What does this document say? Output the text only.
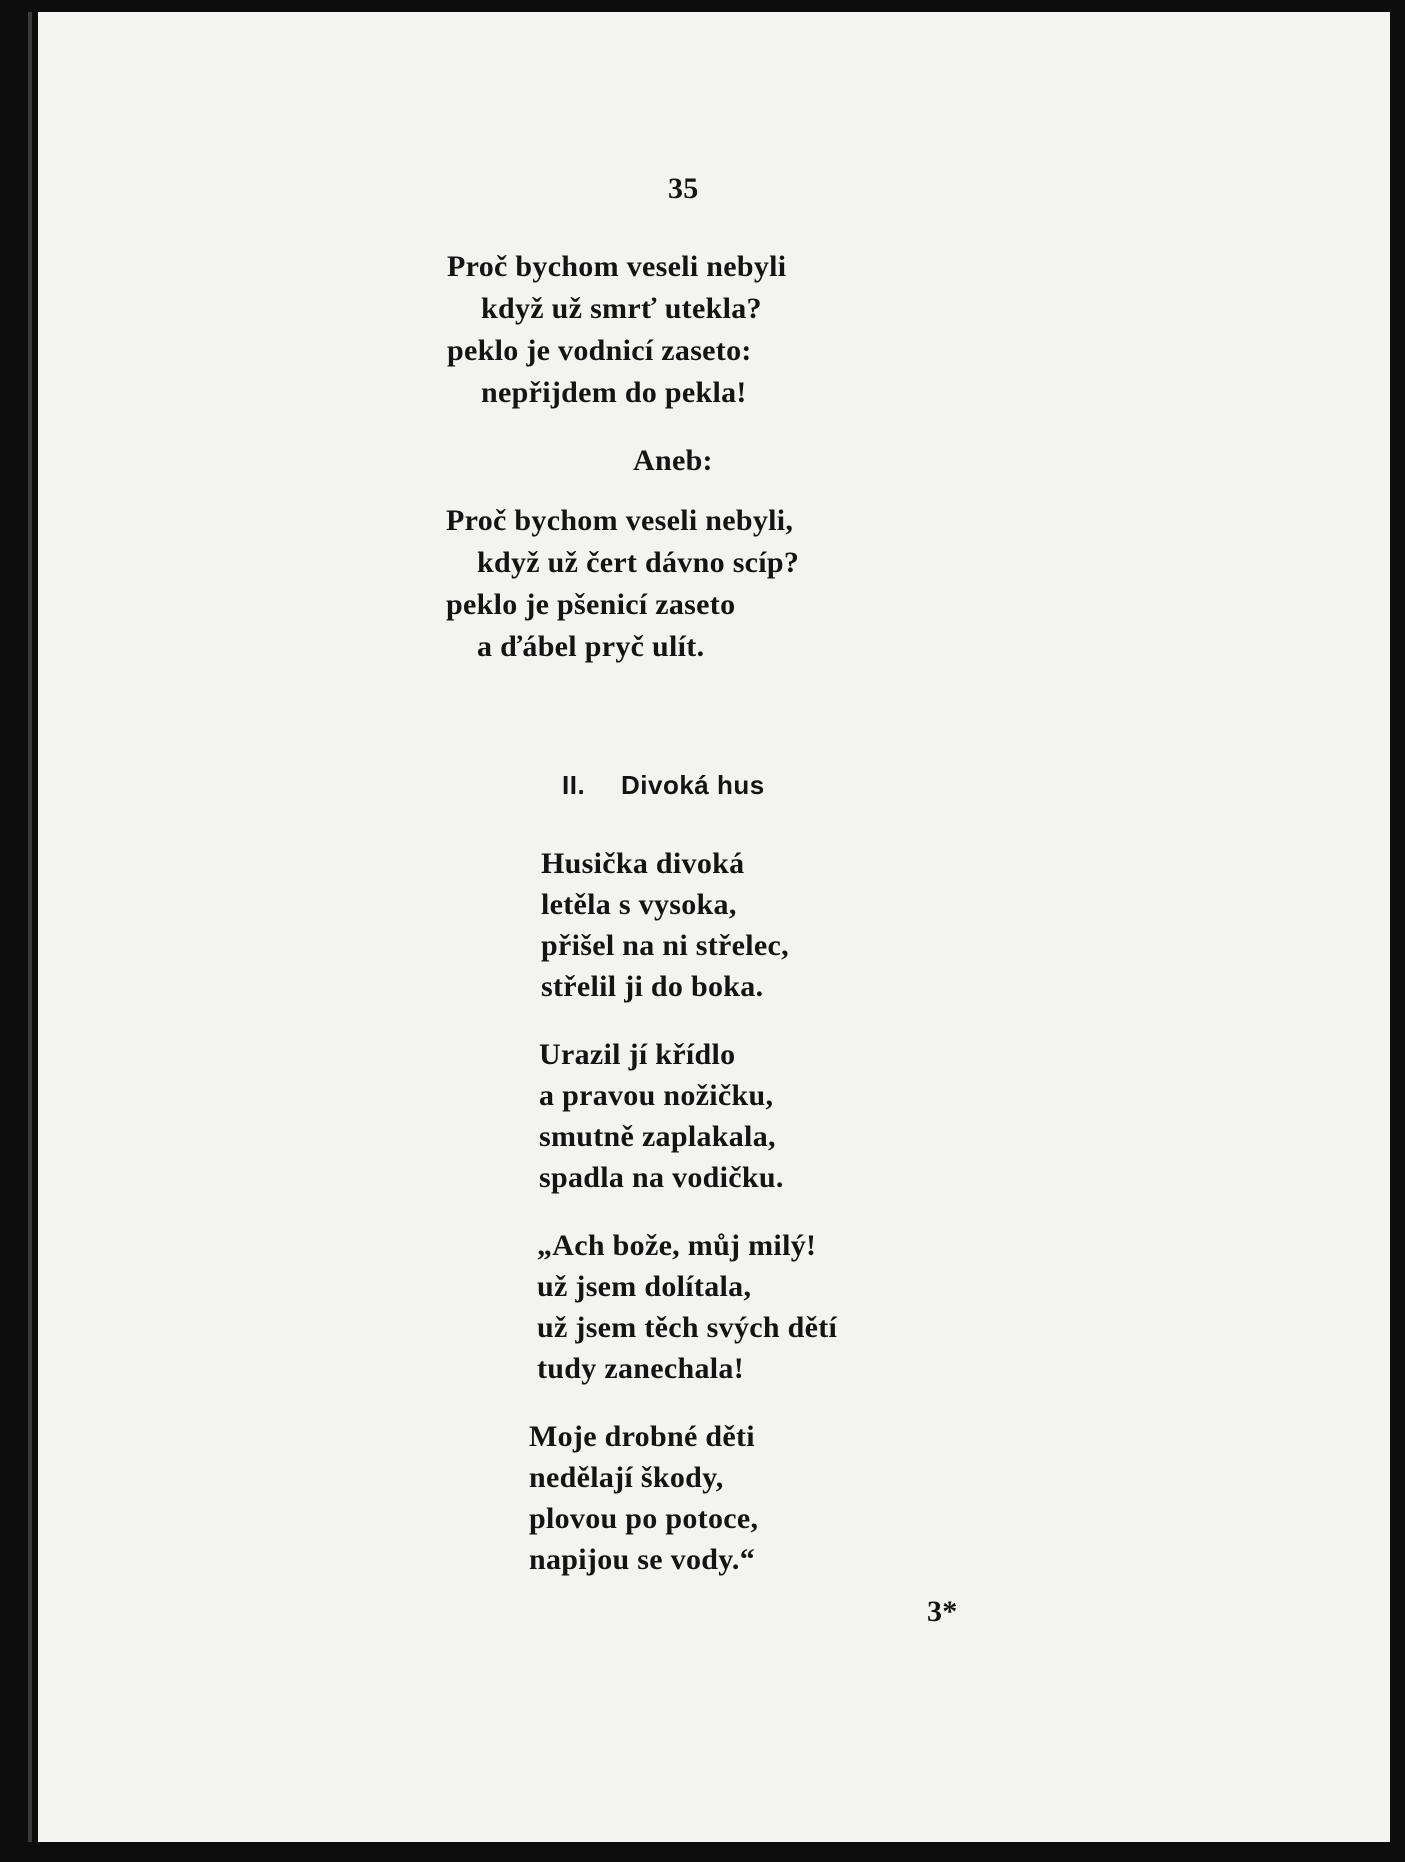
35
Proč bychom veseli nebyli
když už smrť utekla?
peklo je vodnicí zaseto:
nepřijdem do pekla!
Aneb:
Proč bychom veseli nebyli,
když už čert dávno scíp?
peklo je pšenicí zaseto
a ďábel pryč ulít.
II. Divoká hus
Husička divoká
letěla s vysoka,
přišel na ni střelec,
střelil ji do boka.
Urazil jí křídlo
a pravou nožičku,
smutně zaplakala,
spadla na vodičku.
„Ach bože, můj milý!
už jsem dolítala,
už jsem těch svých dětí
tudy zanechala!
Moje drobné děti
nedělají škody,
plovou po potoce,
napijou se vody.“
3*
